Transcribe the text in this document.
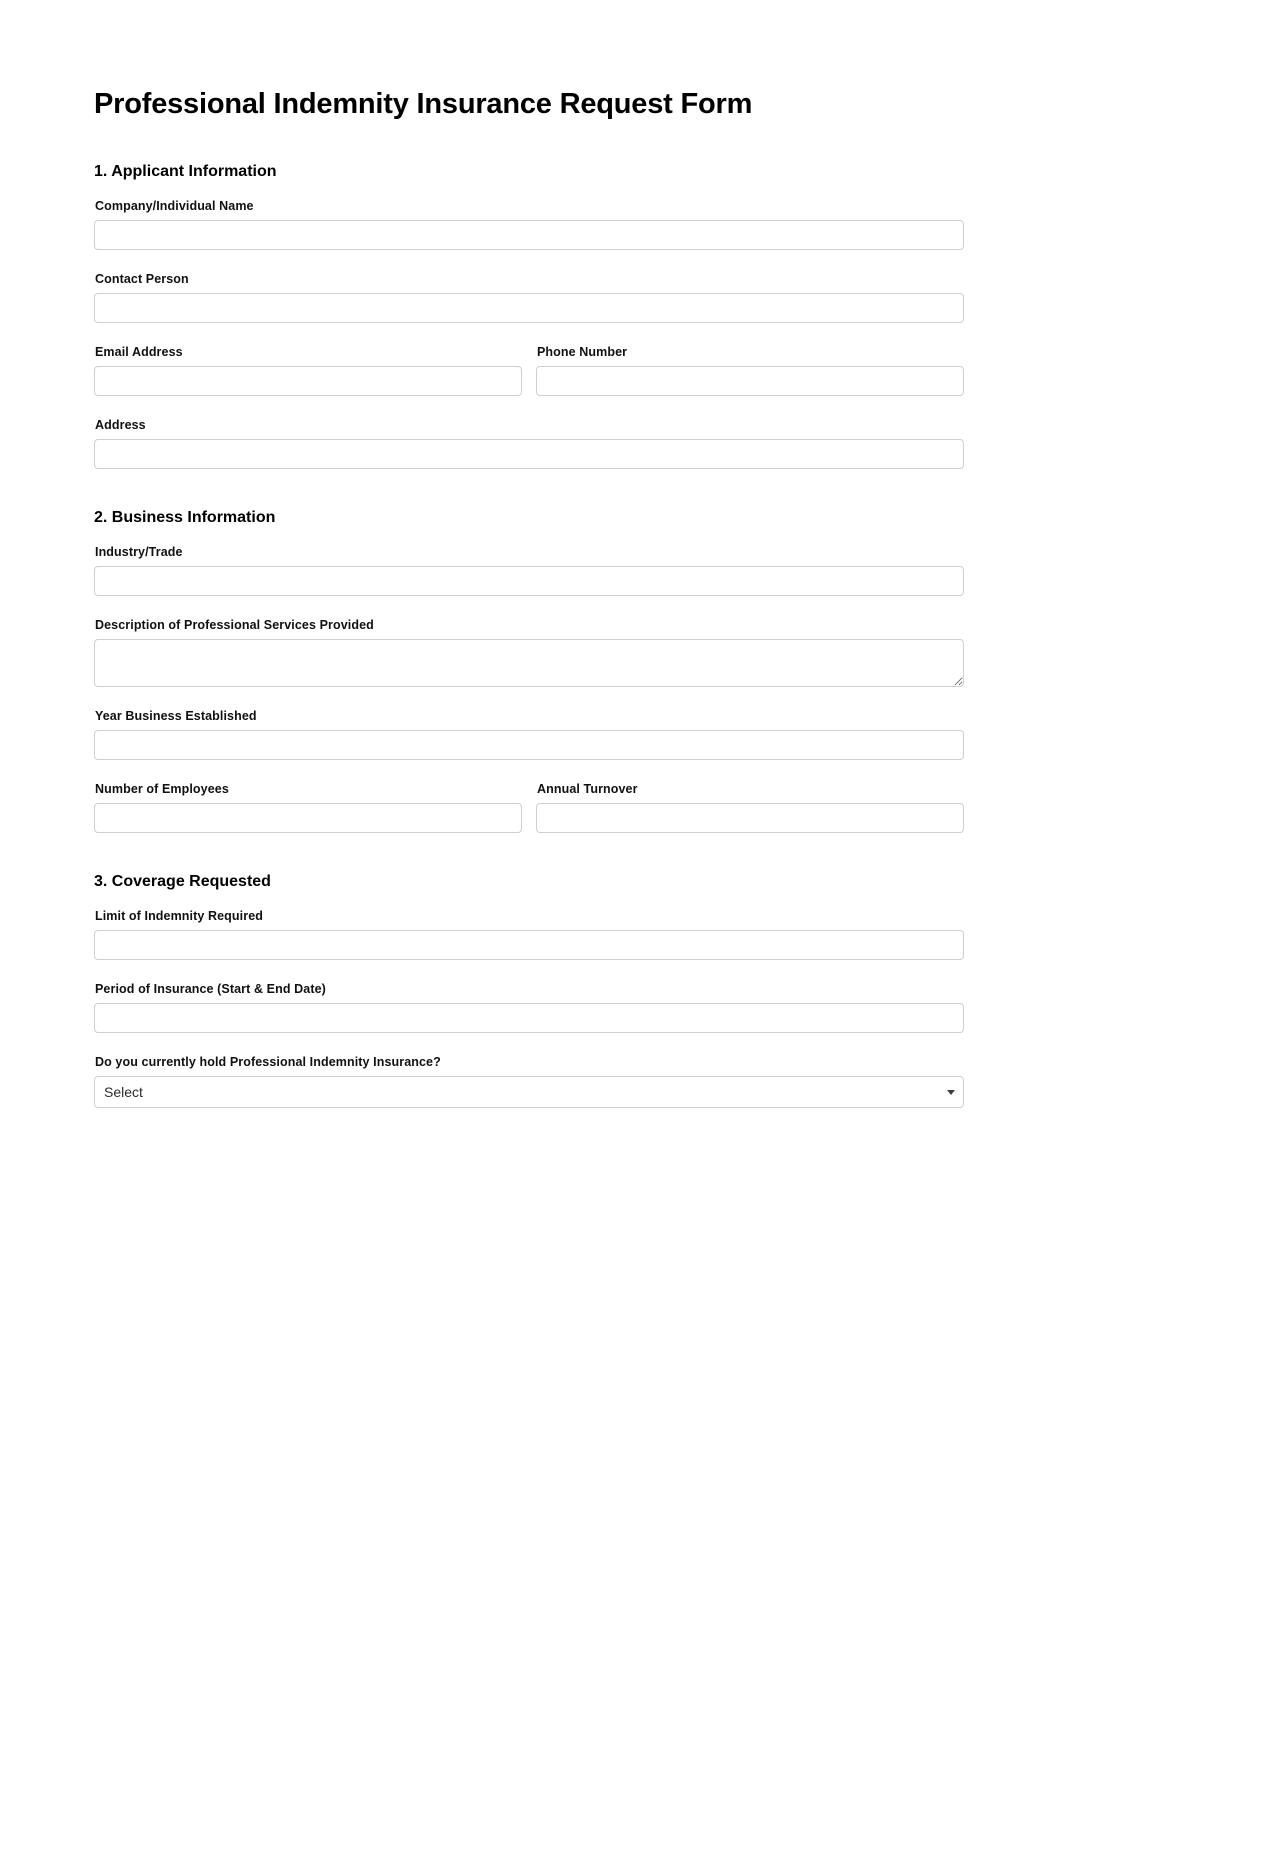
Professional Indemnity Insurance Request Form
1. Applicant Information
Company/Individual Name
Contact Person
Email Address	Phone Number
Address
2. Business Information
Industry/Trade
Description of Professional Services Provided
Year Business Established
Number of Employees	Annual Turnover
3. Coverage Requested
Limit of Indemnity Required
Period of Insurance (Start & End Date)
Do you currently hold Professional Indemnity Insurance?
Select
